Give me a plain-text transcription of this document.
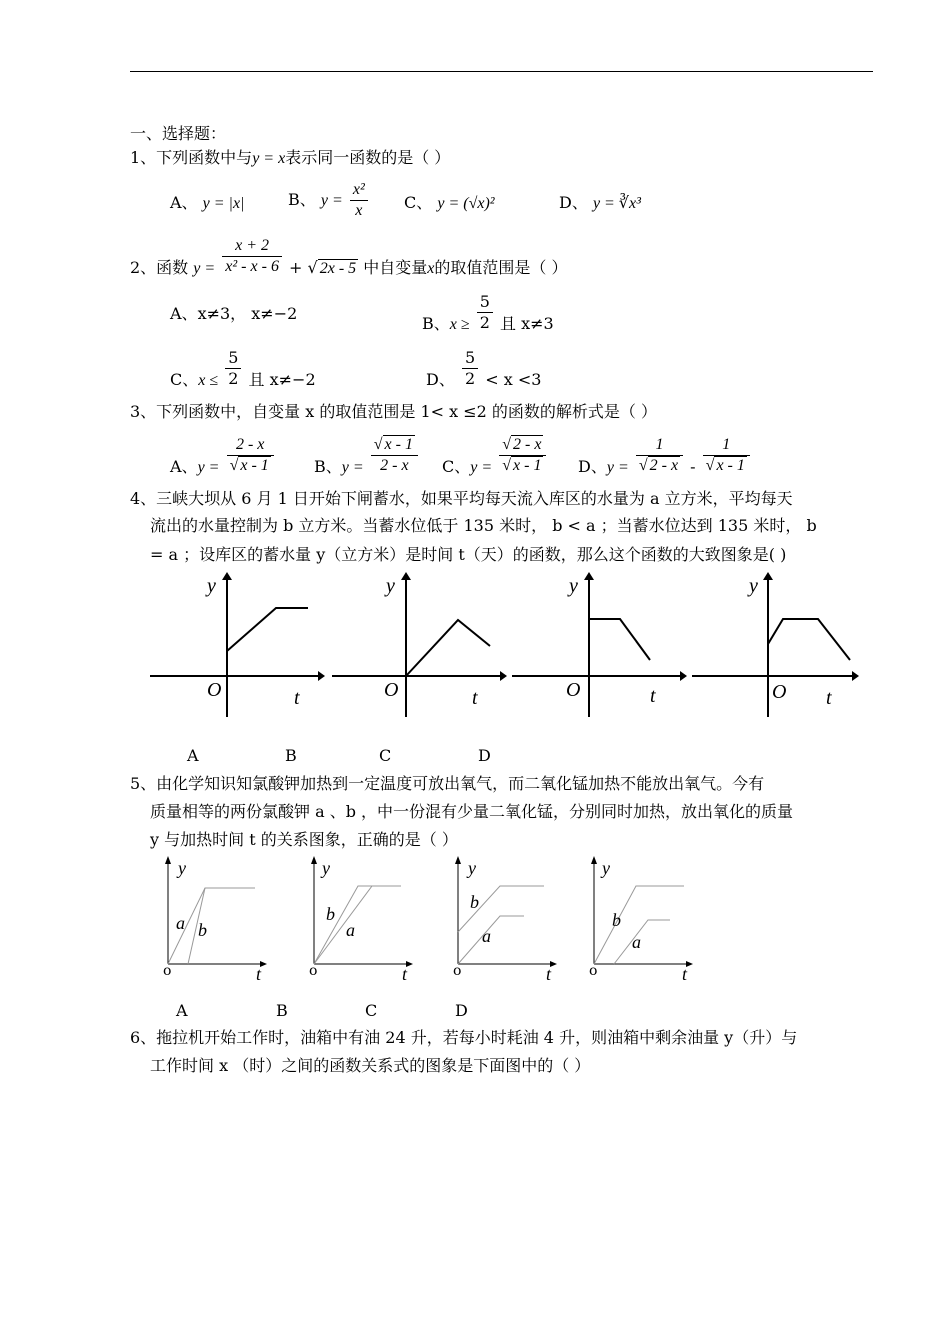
一、选择题：
1、下列函数中与y = x表示同一函数的是（ ）
A、 y = |x|	B、 $y = \frac{\text{x²}}{x}$ C、 y = (√x)²	D、 y = ∛x³
2、函数 $y = \frac{x + 2}{\text{x² - x - 6}}$ + √ 2x - 5 中自变量x的取值范围是（ ）
A、x≠3， x≠−2
B、$x \ge \frac{5}{2}$ 且 x≠3
C、$x \le \frac{5}{2}$ 且 x≠−2	D、 $\frac{5}{2} < x <3$
3、下列函数中，自变量 x 的取值范围是 1< x ≤2 的函数的解析式是（ ）
A、$y = \frac{2 - x}{√ x - 1}$	B、$y = \frac{√ x - 1}{2 - x}$ C、$y = \frac{√ 2 - x}{√ x - 1}$ D、$y = \frac{1}{√ 2 - x} - \frac{1}{√ x - 1}$
4、三峡大坝从 6 月 1 日开始下闸蓄水，如果平均每天流入库区的水量为 a 立方米，平均每天
流出的水量控制为 b 立方米。当蓄水位低于 135 米时， b < a ；当蓄水位达到 135 米时， b
= a ；设库区的蓄水量 y（立方米）是时间 t（天）的函数，那么这个函数的大致图象是( )
y
O	t
y
O	t
y
O	t
y
O t
A	B	C	D
5、由化学知识知氯酸钾加热到一定温度可放出氧气，而二氧化锰加热不能放出氧气。今有
质量相等的两份氯酸钾 a 、b ，中一份混有少量二氧化锰，分别同时加热，放出氧化的质量
y 与加热时间 t 的关系图象，正确的是（ ）
y
a b
o	t
y
b
a
o	t
y
b
a
o	t
y
b
a
o	t
A	B	C	D
6、拖拉机开始工作时，油箱中有油 24 升，若每小时耗油 4 升，则油箱中剩余油量 y（升）与
工作时间 x （时）之间的函数关系式的图象是下面图中的（ ）
